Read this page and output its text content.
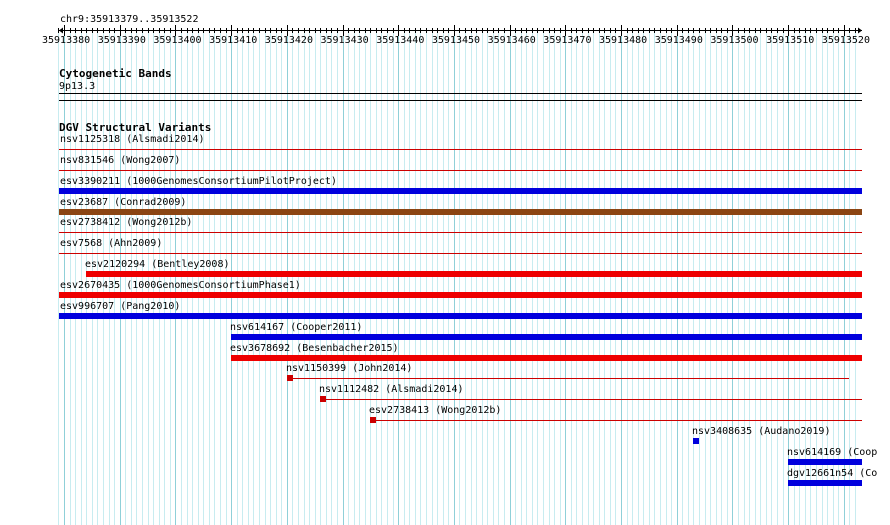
chr9:35913379..35913522
35913380 35913390 35913400 35913410 35913420 35913430 35913440 35913450 35913460 35913470 35913480 35913490 35913500 35913510 35913520
Cytogenetic Bands
9p13.3
DGV Structural Variants
nsv1125318 (Alsmadi2014)
nsv831546 (Wong2007)
esv3390211 (1000GenomesConsortiumPilotProject)
esv23687 (Conrad2009)
esv2738412 (Wong2012b)
esv7568 (Ahn2009)
esv2120294 (Bentley2008)
esv2670435 (1000GenomesConsortiumPhase1)
esv996707 (Pang2010)
nsv614167 (Cooper2011)
esv3678692 (Besenbacher2015)
nsv1150399 (John2014)
nsv1112482 (Alsmadi2014)
esv2738413 (Wong2012b)
nsv3408635 (Audano2019)
nsv614169 (Coop
dgv12661n54 (Co
